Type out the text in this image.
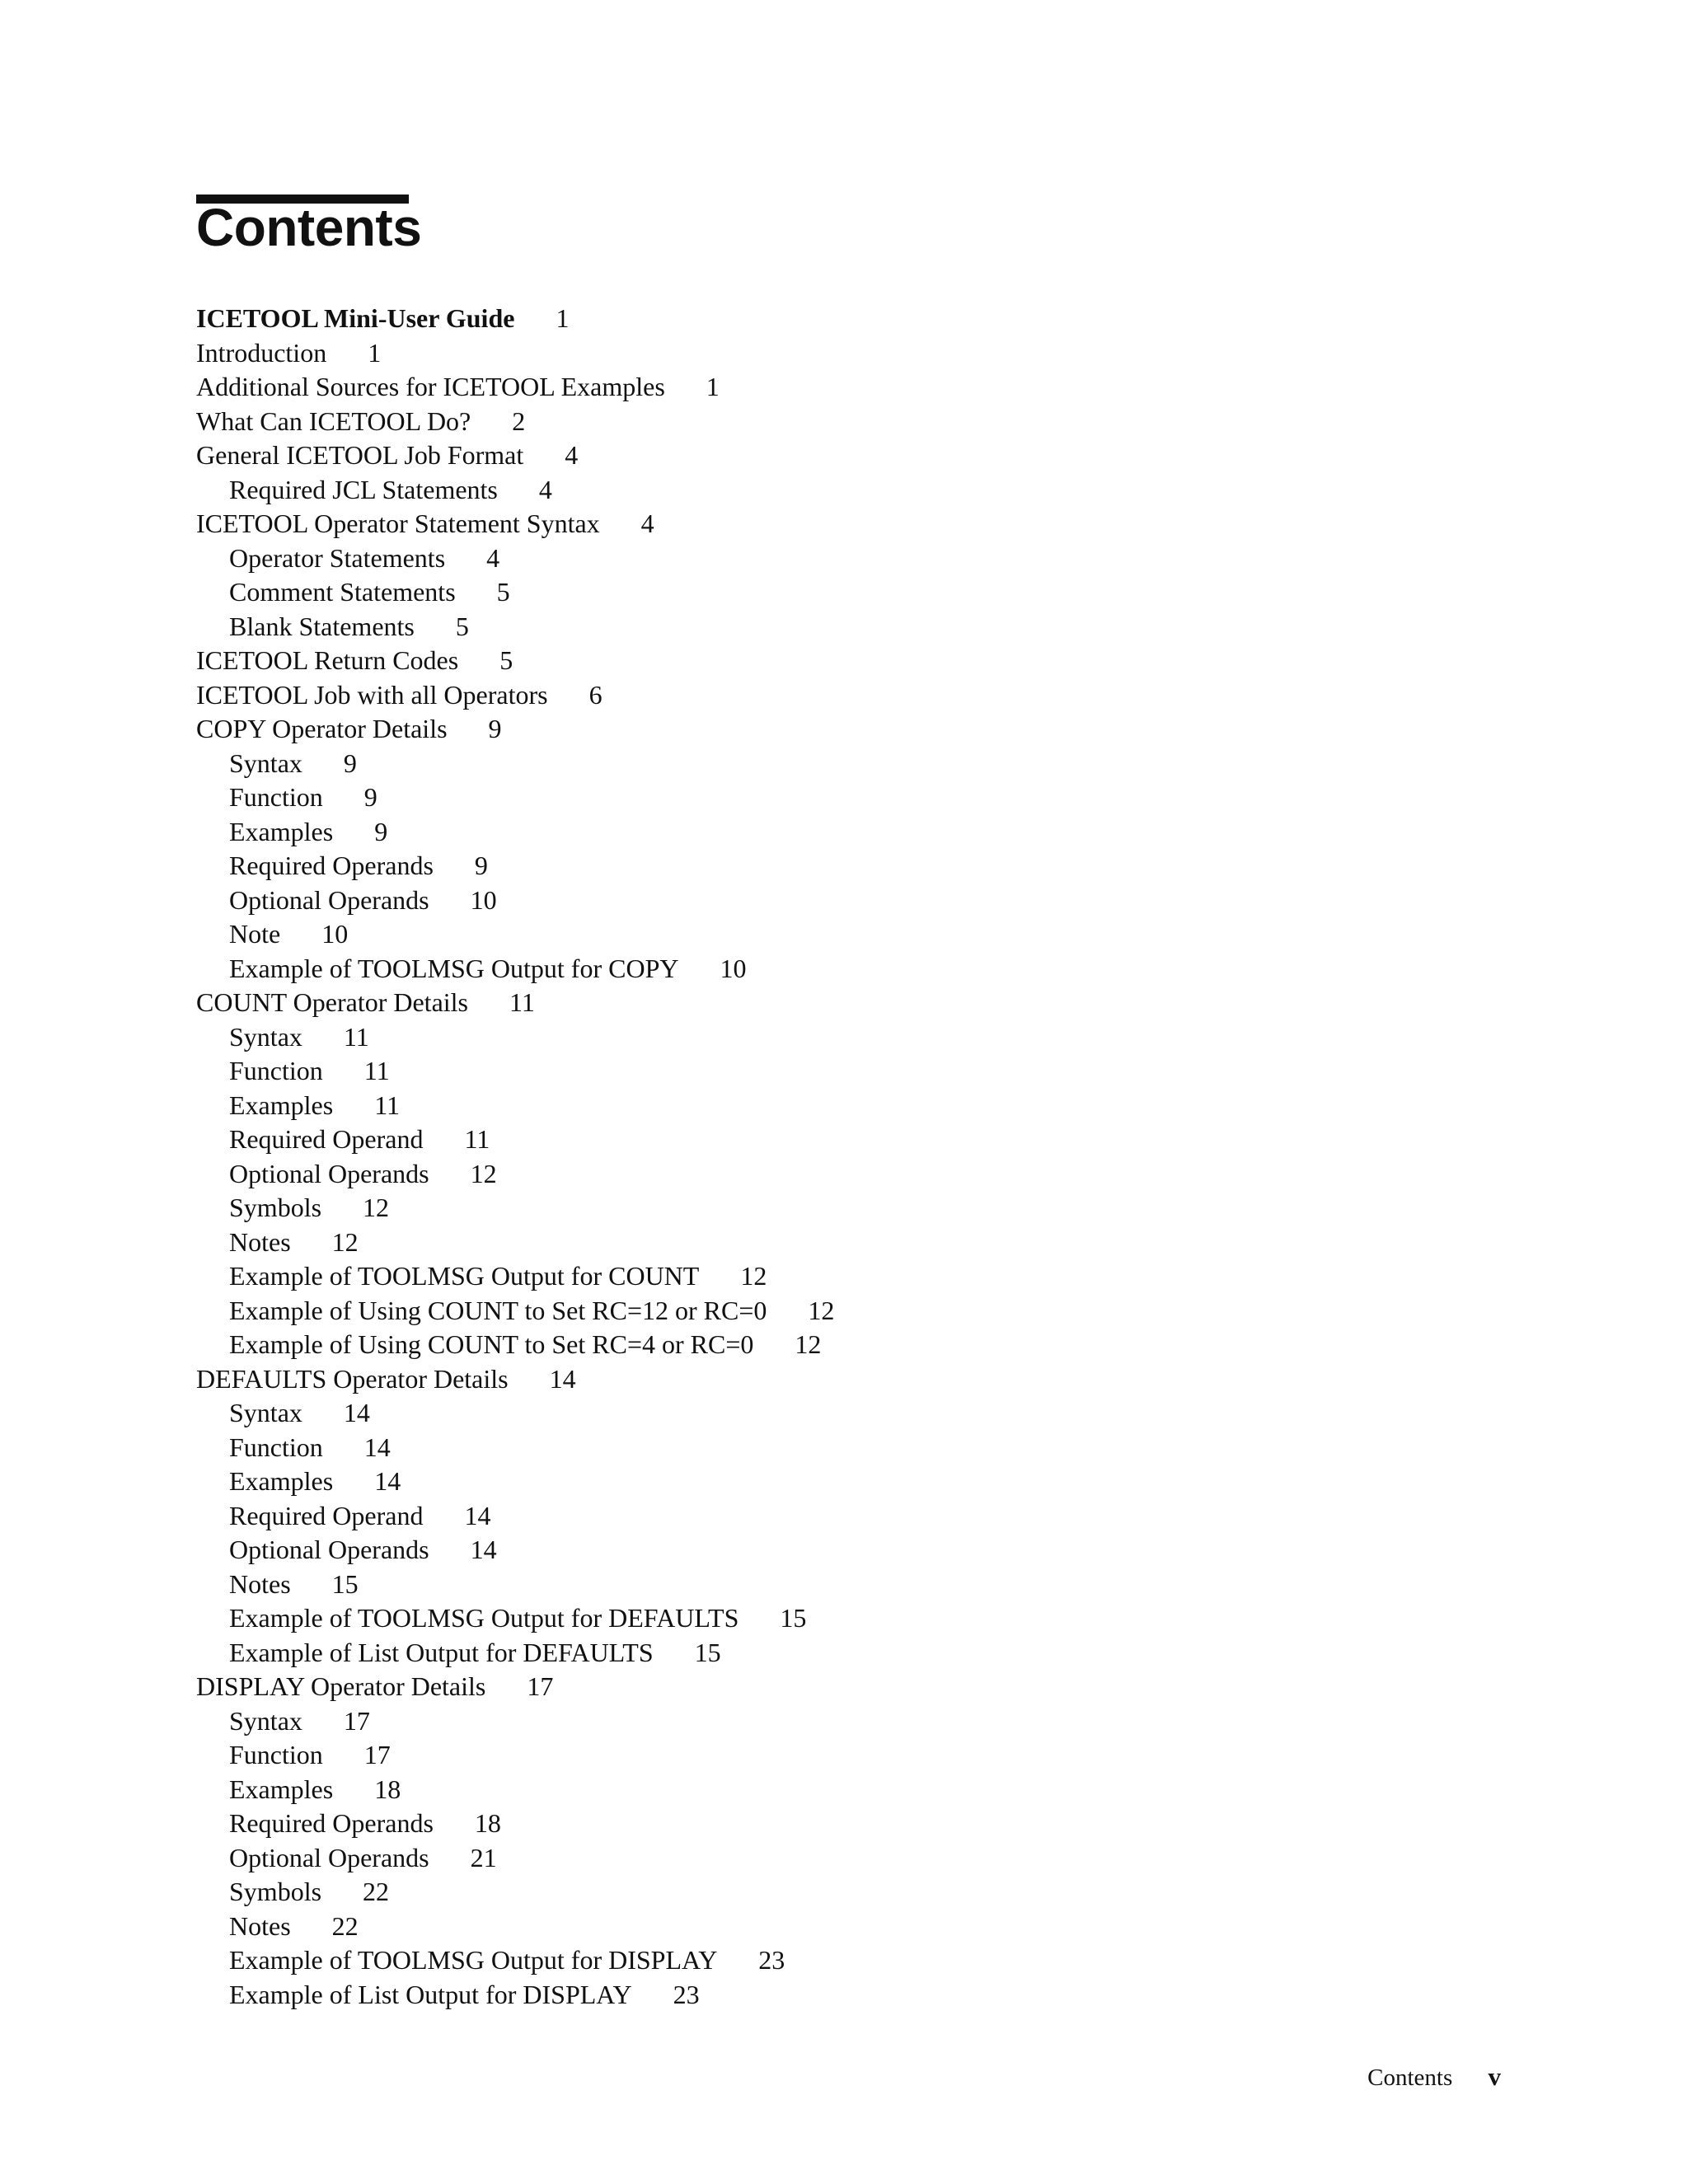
Contents
ICETOOL Mini-User Guide 1
Introduction 1
Additional Sources for ICETOOL Examples 1
What Can ICETOOL Do? 2
General ICETOOL Job Format 4
Required JCL Statements 4
ICETOOL Operator Statement Syntax 4
Operator Statements 4
Comment Statements 5
Blank Statements 5
ICETOOL Return Codes 5
ICETOOL Job with all Operators 6
COPY Operator Details 9
Syntax 9
Function 9
Examples 9
Required Operands 9
Optional Operands 10
Note 10
Example of TOOLMSG Output for COPY 10
COUNT Operator Details 11
Syntax 11
Function 11
Examples 11
Required Operand 11
Optional Operands 12
Symbols 12
Notes 12
Example of TOOLMSG Output for COUNT 12
Example of Using COUNT to Set RC=12 or RC=0 12
Example of Using COUNT to Set RC=4 or RC=0 12
DEFAULTS Operator Details 14
Syntax 14
Function 14
Examples 14
Required Operand 14
Optional Operands 14
Notes 15
Example of TOOLMSG Output for DEFAULTS 15
Example of List Output for DEFAULTS 15
DISPLAY Operator Details 17
Syntax 17
Function 17
Examples 18
Required Operands 18
Optional Operands 21
Symbols 22
Notes 22
Example of TOOLMSG Output for DISPLAY 23
Example of List Output for DISPLAY 23
Contents v
